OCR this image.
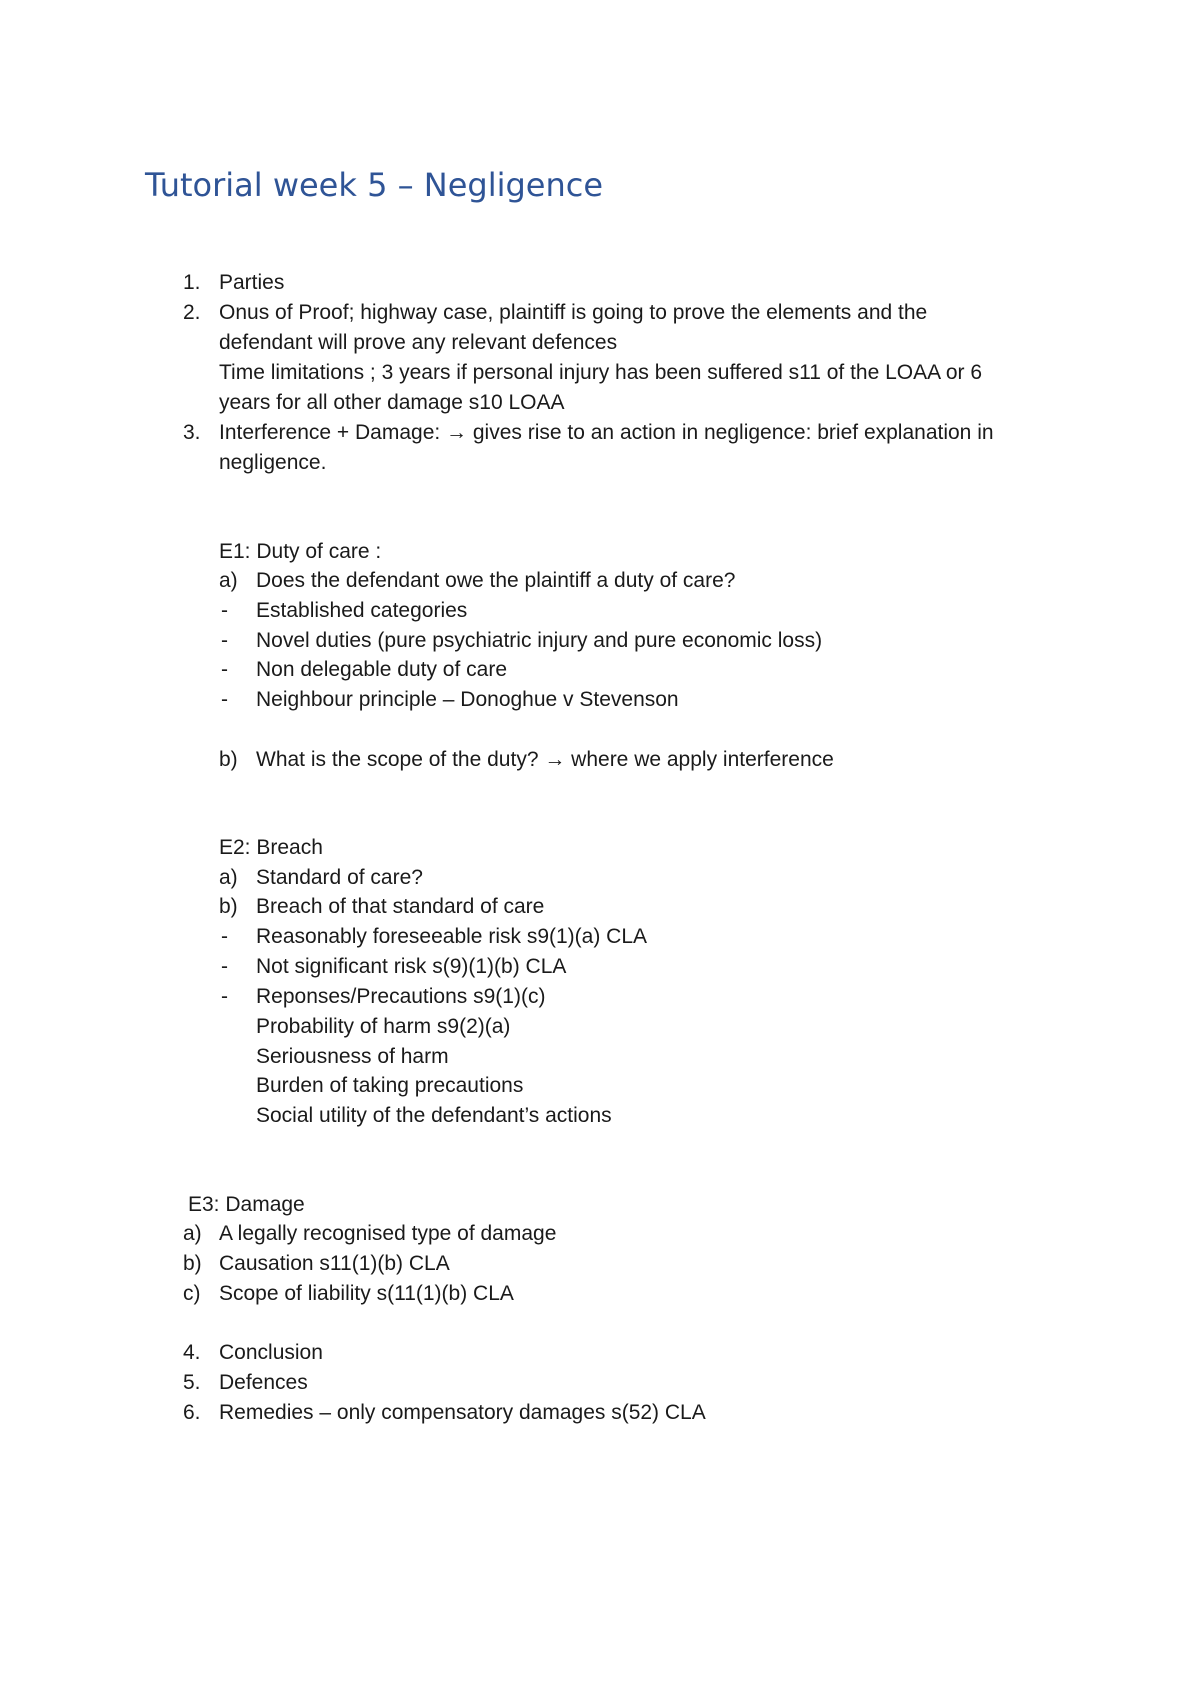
Tutorial week 5 – Negligence
1. Parties
2. Onus of Proof; highway case, plaintiff is going to prove the elements and the
defendant will prove any relevant defences
Time limitations ; 3 years if personal injury has been suffered s11 of the LOAA or 6
years for all other damage s10 LOAA
3. Interference + Damage: → gives rise to an action in negligence: brief explanation in
negligence.
E1: Duty of care :
a) Does the defendant owe the plaintiff a duty of care?
- Established categories
- Novel duties (pure psychiatric injury and pure economic loss)
- Non delegable duty of care
- Neighbour principle – Donoghue v Stevenson
b) What is the scope of the duty? → where we apply interference
E2: Breach
a) Standard of care?
b) Breach of that standard of care
- Reasonably foreseeable risk s9(1)(a) CLA
- Not significant risk s(9)(1)(b) CLA
- Reponses/Precautions s9(1)(c)
Probability of harm s9(2)(a)
Seriousness of harm
Burden of taking precautions
Social utility of the defendant’s actions
E3: Damage
a) A legally recognised type of damage
b) Causation s11(1)(b) CLA
c) Scope of liability s(11(1)(b) CLA
4. Conclusion
5. Defences
6. Remedies – only compensatory damages s(52) CLA
